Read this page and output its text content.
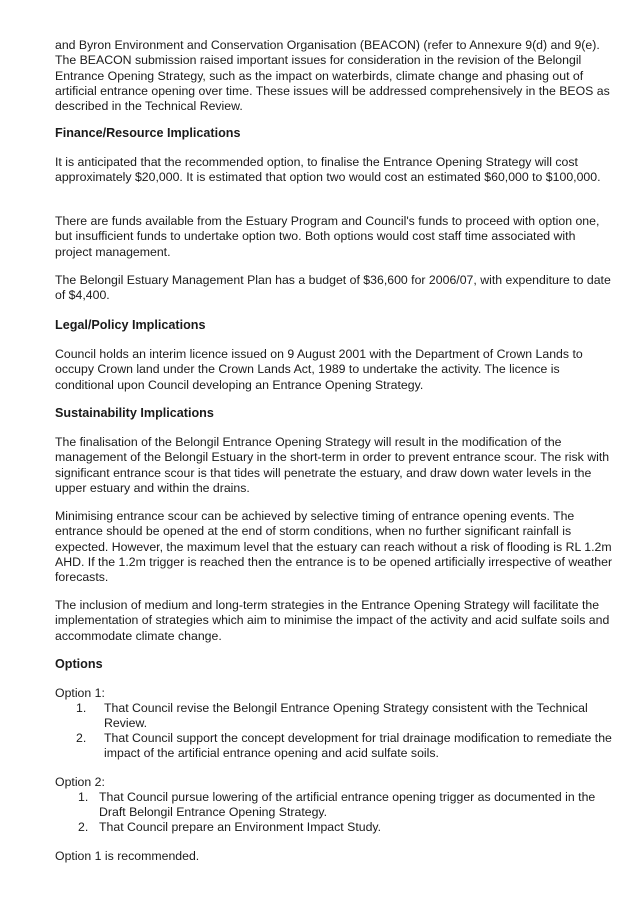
and Byron Environment and Conservation Organisation (BEACON) (refer to Annexure 9(d) and 9(e). The BEACON submission raised important issues for consideration in the revision of the Belongil Entrance Opening Strategy, such as the impact on waterbirds, climate change and phasing out of artificial entrance opening over time. These issues will be addressed comprehensively in the BEOS as described in the Technical Review.

Finance/Resource Implications

It is anticipated that the recommended option, to finalise the Entrance Opening Strategy will cost approximately $20,000. It is estimated that option two would cost an estimated $60,000 to $100,000.

There are funds available from the Estuary Program and Council's funds to proceed with option one, but insufficient funds to undertake option two. Both options would cost staff time associated with project management.

The Belongil Estuary Management Plan has a budget of $36,600 for 2006/07, with expenditure to date of $4,400.

Legal/Policy Implications

Council holds an interim licence issued on 9 August 2001 with the Department of Crown Lands to occupy Crown land under the Crown Lands Act, 1989 to undertake the activity. The licence is conditional upon Council developing an Entrance Opening Strategy.

Sustainability Implications

The finalisation of the Belongil Entrance Opening Strategy will result in the modification of the management of the Belongil Estuary in the short-term in order to prevent entrance scour. The risk with significant entrance scour is that tides will penetrate the estuary, and draw down water levels in the upper estuary and within the drains.

Minimising entrance scour can be achieved by selective timing of entrance opening events. The entrance should be opened at the end of storm conditions, when no further significant rainfall is expected. However, the maximum level that the estuary can reach without a risk of flooding is RL 1.2m AHD. If the 1.2m trigger is reached then the entrance is to be opened artificially irrespective of weather forecasts.

The inclusion of medium and long-term strategies in the Entrance Opening Strategy will facilitate the implementation of strategies which aim to minimise the impact of the activity and acid sulfate soils and accommodate climate change.

Options
Option 1:
1. That Council revise the Belongil Entrance Opening Strategy consistent with the Technical Review.
2. That Council support the concept development for trial drainage modification to remediate the impact of the artificial entrance opening and acid sulfate soils.
Option 2:
1. That Council pursue lowering of the artificial entrance opening trigger as documented in the Draft Belongil Entrance Opening Strategy.
2. That Council prepare an Environment Impact Study.
Option 1 is recommended.
